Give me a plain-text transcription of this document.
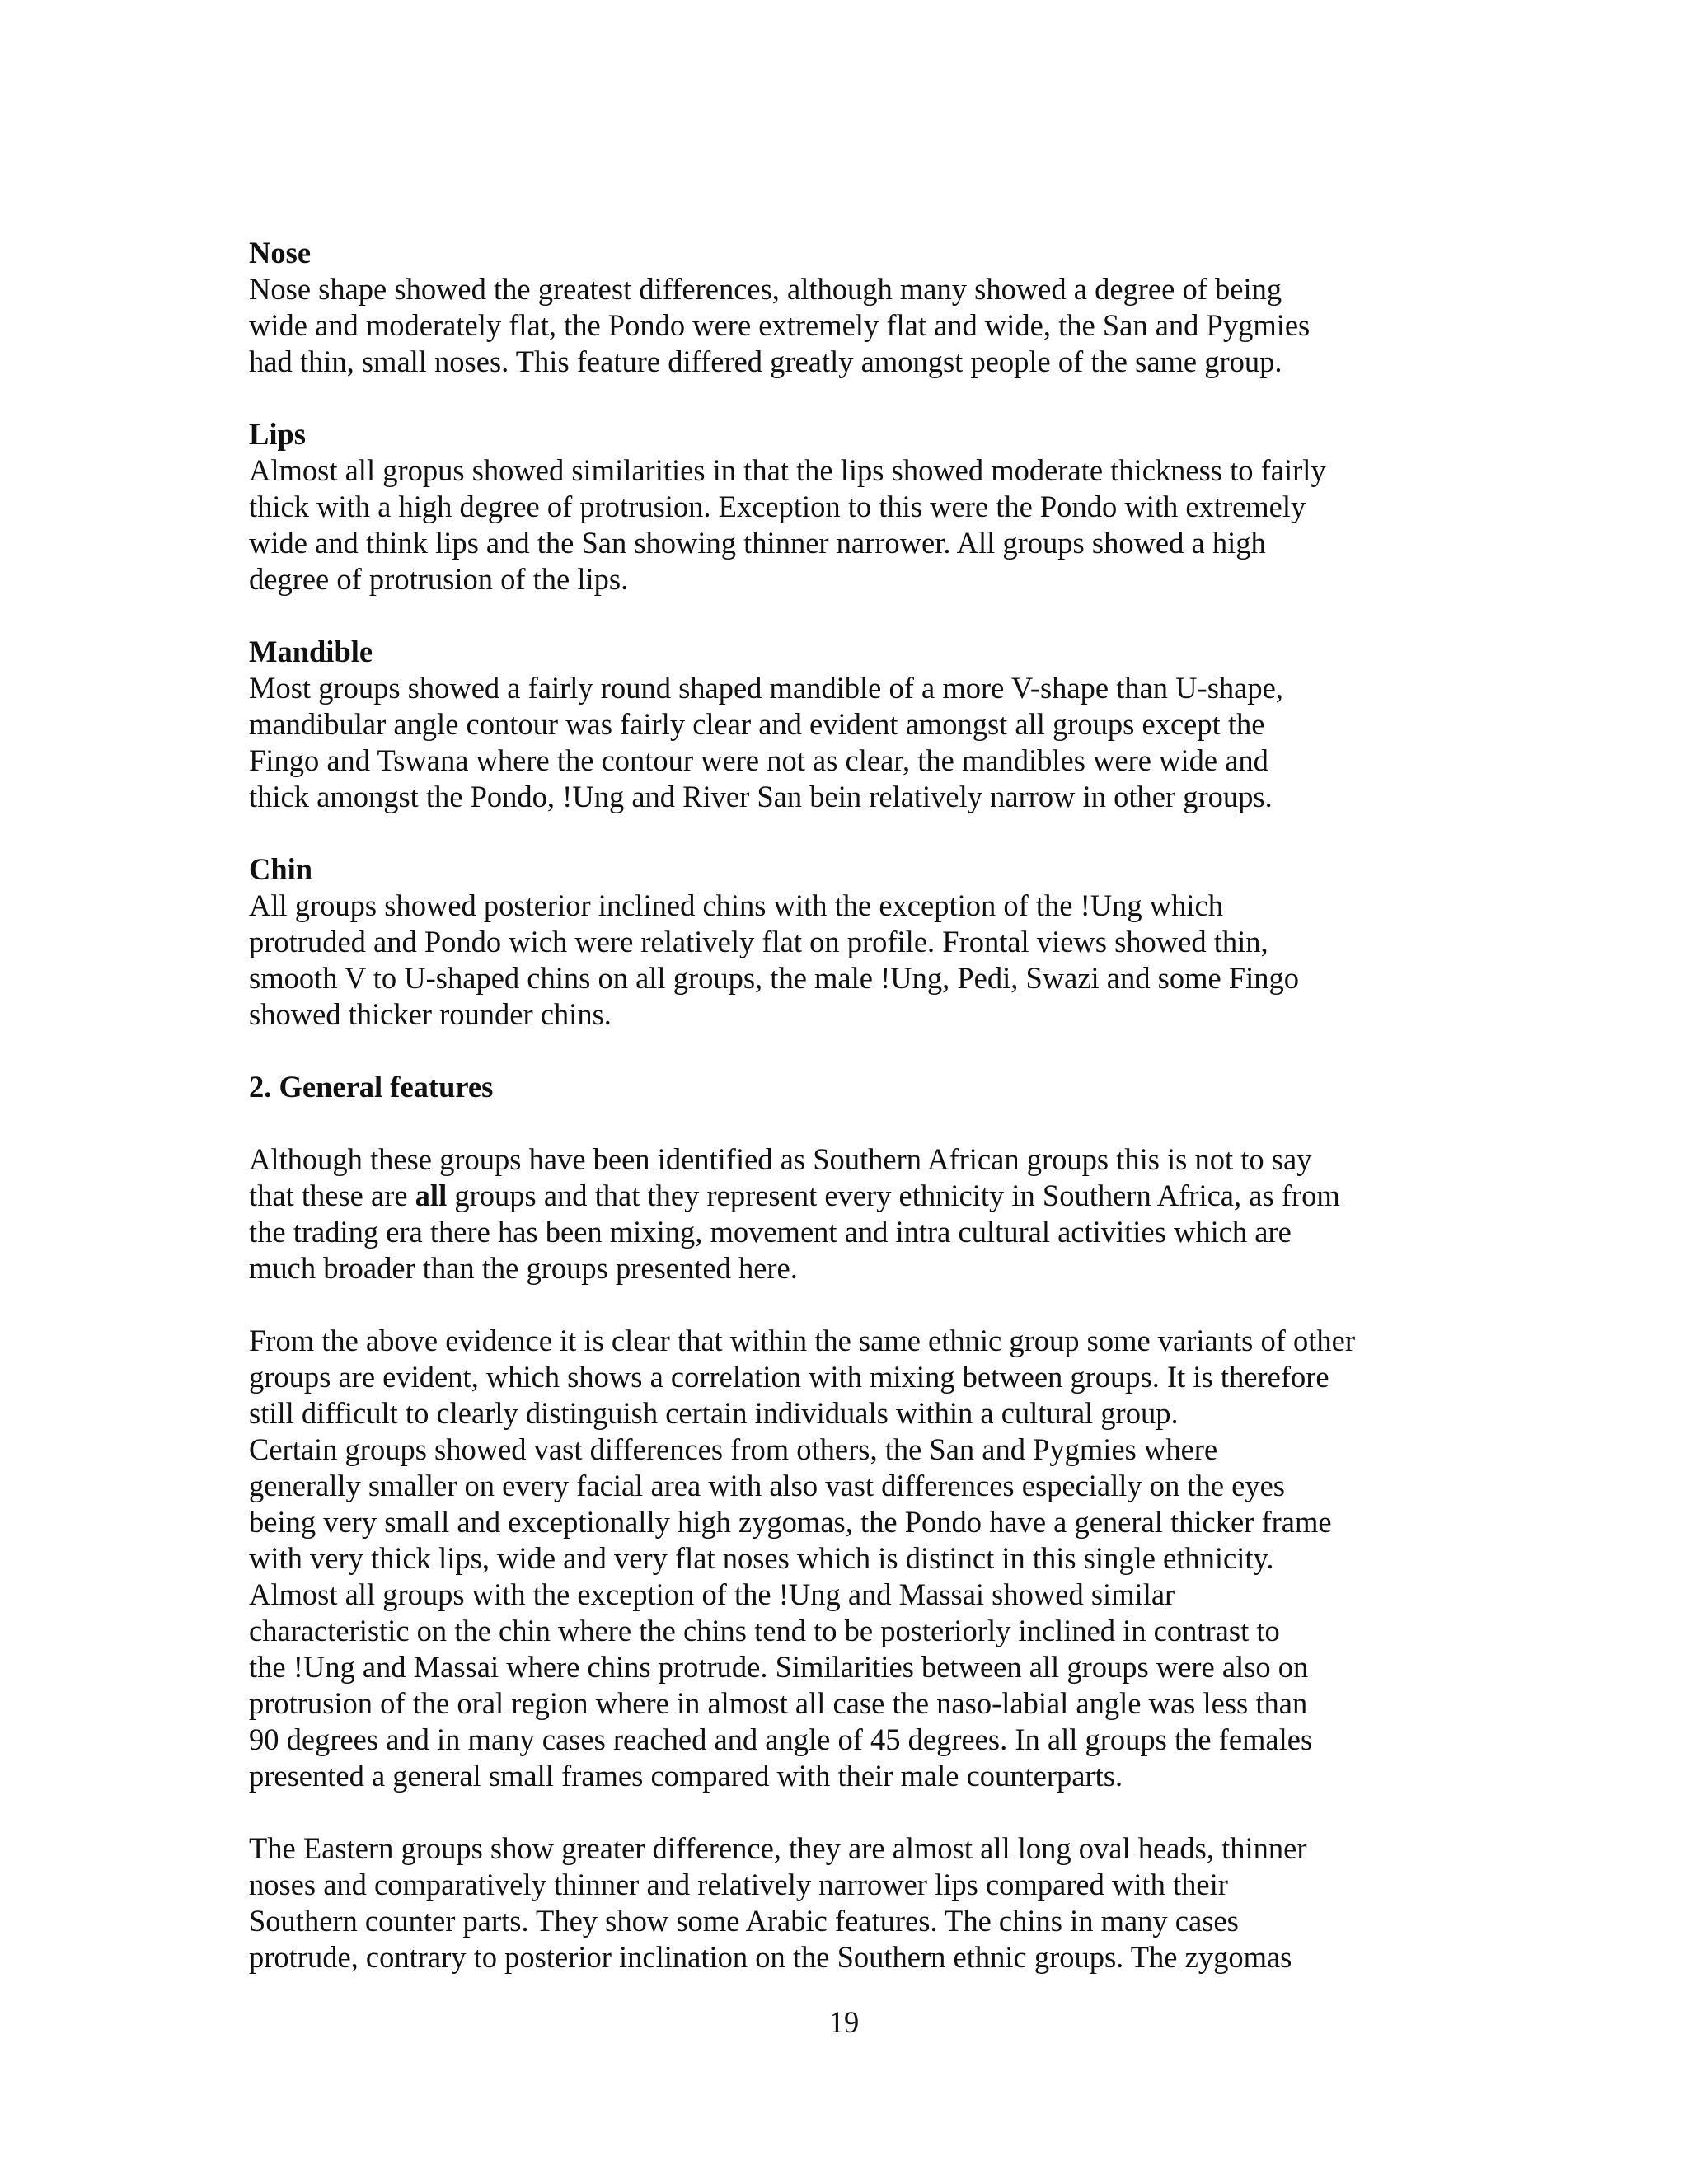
Nose

Nose shape showed the greatest differences, although many showed a degree of being

wide and moderately flat, the Pondo were extremely flat and wide, the San and Pygmies

had thin, small noses. This feature differed greatly amongst people of the same group.

Lips

Almost all gropus showed similarities in that the lips showed moderate thickness to fairly

thick with a high degree of protrusion. Exception to this were the Pondo with extremely

wide and think lips and the San showing thinner narrower. All groups showed a high

degree of protrusion of the lips.

Mandible

Most groups showed a fairly round shaped mandible of a more V-shape than U-shape,

mandibular angle contour was fairly clear and evident amongst all groups except the

Fingo and Tswana where the contour were not as clear, the mandibles were wide and

thick amongst the Pondo, !Ung and River San bein relatively narrow in other groups.

Chin

All groups showed posterior inclined chins with the exception of the !Ung which

protruded and Pondo wich were relatively flat on profile. Frontal views showed thin,

smooth V to U-shaped chins on all groups, the male !Ung, Pedi, Swazi and some Fingo

showed thicker rounder chins.

2. General features

Although these groups have been identified as Southern African groups this is not to say

that these are all groups and that they represent every ethnicity in Southern Africa, as from

the trading era there has been mixing, movement and intra cultural activities which are

much broader than the groups presented here.

From the above evidence it is clear that within the same ethnic group some variants of other

groups are evident, which shows a correlation with mixing between groups. It is therefore

still difficult to clearly distinguish certain individuals within a cultural group.

Certain groups showed vast differences from others, the San and Pygmies where

generally smaller on every facial area with also vast differences especially on the eyes

being very small and exceptionally high zygomas, the Pondo have a general thicker frame

with very thick lips, wide and very flat noses which is distinct in this single ethnicity.

Almost all groups with the exception of the !Ung and Massai showed similar

characteristic on the chin where the chins tend to be posteriorly inclined in contrast to

the !Ung and Massai where chins protrude. Similarities between all groups were also on

protrusion of the oral region where in almost all case the naso-labial angle was less than

90 degrees and in many cases reached and angle of 45 degrees. In all groups the females

presented a general small frames compared with their male counterparts.

The Eastern groups show greater difference, they are almost all long oval heads, thinner

noses and comparatively thinner and relatively narrower lips compared with their

Southern counter parts. They show some Arabic features. The chins in many cases

protrude, contrary to posterior inclination on the Southern ethnic groups. The zygomas

19
